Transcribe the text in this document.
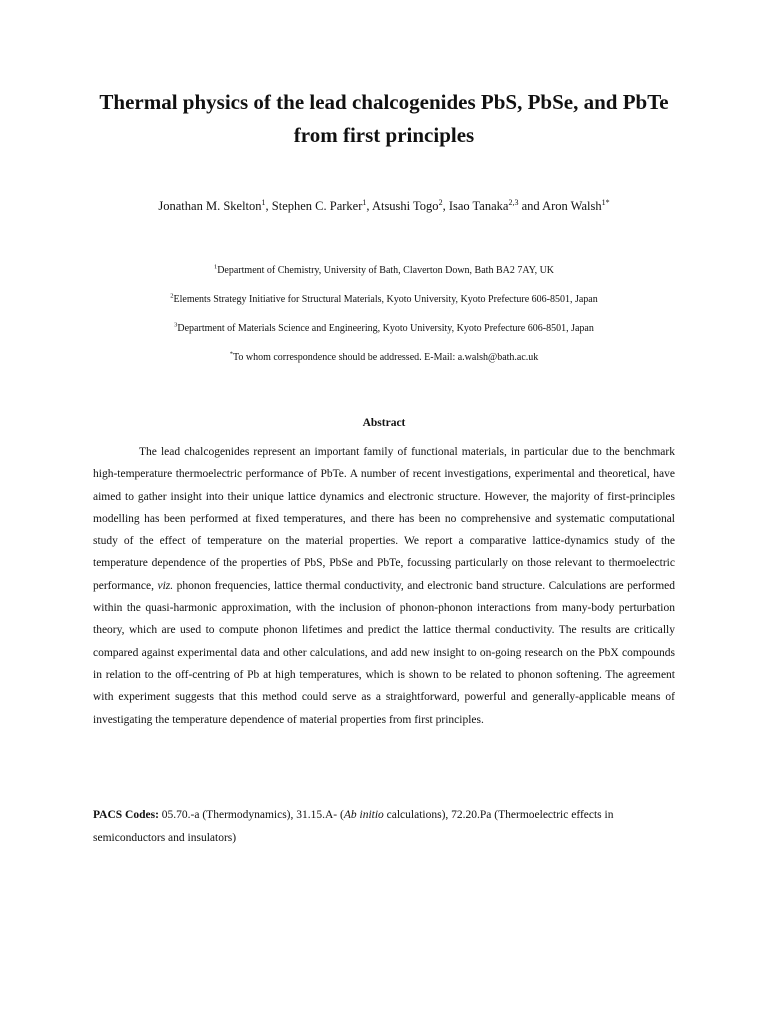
Thermal physics of the lead chalcogenides PbS, PbSe, and PbTe
from first principles
Jonathan M. Skelton$^1$, Stephen C. Parker$^1$, Atsushi Togo$^2$, Isao Tanaka$^{2,3}$ and Aron Walsh$^{1*}$
$^1$Department of Chemistry, University of Bath, Claverton Down, Bath BA2 7AY, UK
$^2$Elements Strategy Initiative for Structural Materials, Kyoto University, Kyoto Prefecture 606-8501, Japan
$^3$Department of Materials Science and Engineering, Kyoto University, Kyoto Prefecture 606-8501, Japan
*To whom correspondence should be addressed. E-Mail: a.walsh@bath.ac.uk
Abstract

The lead chalcogenides represent an important family of functional materials, in particular due to the benchmark high-temperature thermoelectric performance of PbTe. A number of recent investigations, experimental and theoretical, have aimed to gather insight into their unique lattice dynamics and electronic structure. However, the majority of first-principles modelling has been performed at fixed temperatures, and there has been no comprehensive and systematic computational study of the effect of temperature on the material properties. We report a comparative lattice-dynamics study of the temperature dependence of the properties of PbS, PbSe and PbTe, focussing particularly on those relevant to thermoelectric performance, viz. phonon frequencies, lattice thermal conductivity, and electronic band structure. Calculations are performed within the quasi-harmonic approximation, with the inclusion of phonon-phonon interactions from many-body perturbation theory, which are used to compute phonon lifetimes and predict the lattice thermal conductivity. The results are critically compared against experimental data and other calculations, and add new insight to on-going research on the PbX compounds in relation to the off-centring of Pb at high temperatures, which is shown to be related to phonon softening. The agreement with experiment suggests that this method could serve as a straightforward, powerful and generally-applicable means of investigating the temperature dependence of material properties from first principles.

PACS Codes: 05.70.-a (Thermodynamics), 31.15.A- (Ab initio calculations), 72.20.Pa (Thermoelectric effects in semiconductors and insulators)
